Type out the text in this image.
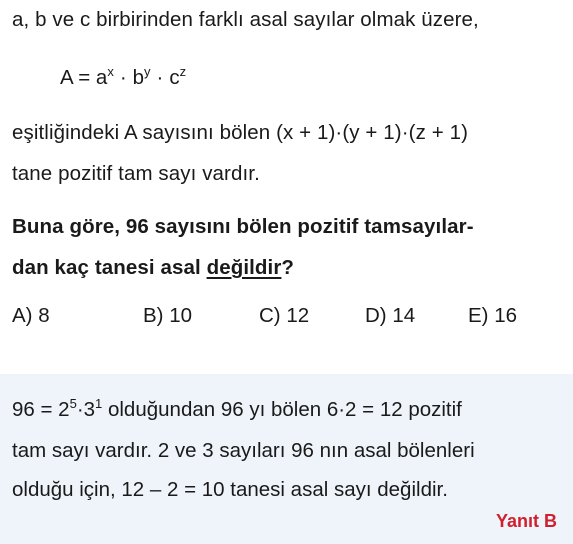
a, b ve c birbirinden farklı asal sayılar olmak üzere,
$A = a^x \cdot b^y \cdot c^z$
eşitliğindeki A sayısını bölen (x + 1)·(y + 1)·(z + 1)
tane pozitif tam sayı vardır.
Buna göre, 96 sayısını bölen pozitif tamsayılar-
dan kaç tanesi asal değildir?
A) 8	B) 10	C) 12	D) 14	E) 16
$96 = 2^5\cdot 3^1$ olduğundan 96 yı bölen 6·2 = 12 pozitif
tam sayı vardır. 2 ve 3 sayıları 96 nın asal bölenleri
olduğu için, 12 – 2 = 10 tanesi asal sayı değildir.
Yanıt B
